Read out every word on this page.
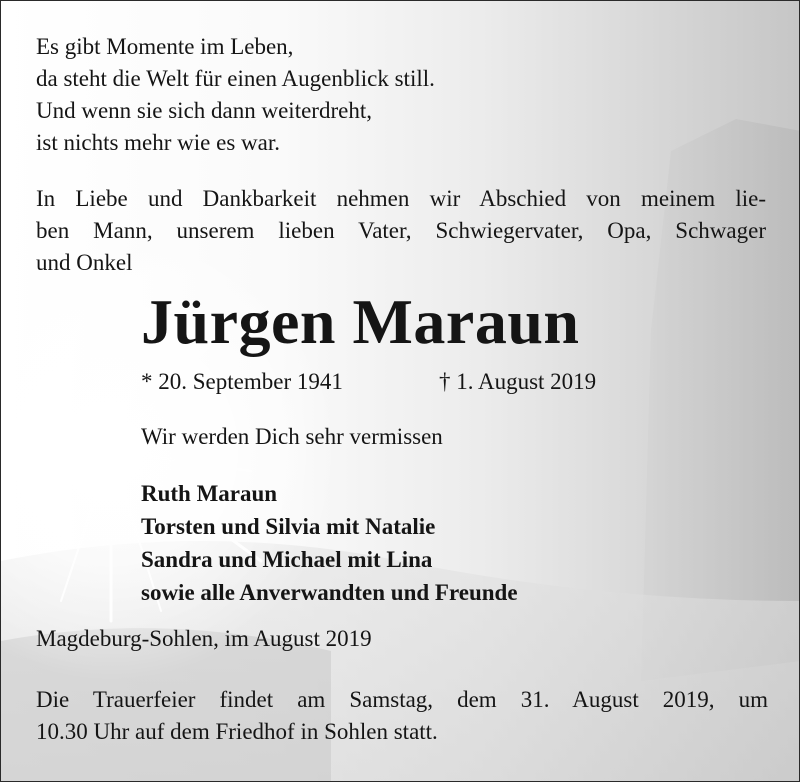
Es gibt Momente im Leben,
da steht die Welt für einen Augenblick still.
Und wenn sie sich dann weiterdreht,
ist nichts mehr wie es war.
In Liebe und Dankbarkeit nehmen wir Abschied von meinem lie-
ben Mann, unserem lieben Vater, Schwiegervater, Opa, Schwager
und Onkel
Jürgen Maraun
* 20. September 1941	† 1. August 2019
Wir werden Dich sehr vermissen
Ruth Maraun
Torsten und Silvia mit Natalie
Sandra und Michael mit Lina
sowie alle Anverwandten und Freunde
Magdeburg-Sohlen, im August 2019
Die Trauerfeier findet am Samstag, dem 31. August 2019, um
10.30 Uhr auf dem Friedhof in Sohlen statt.
